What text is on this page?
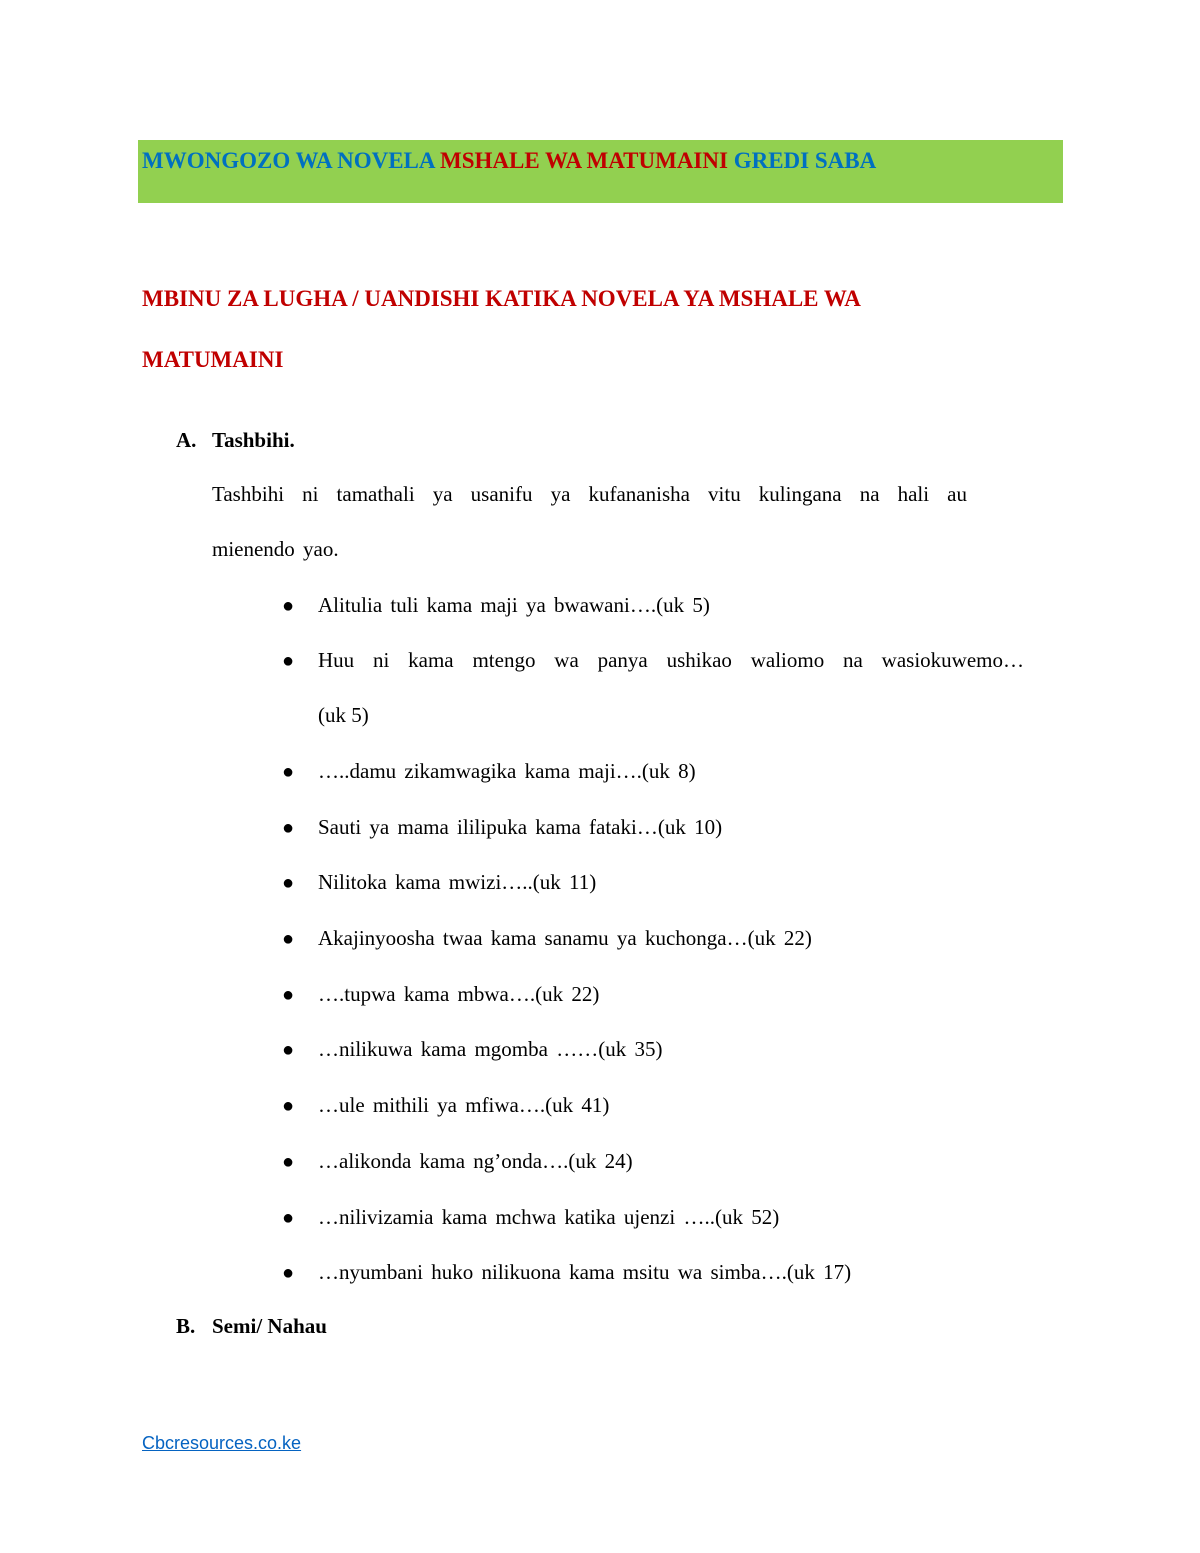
MWONGOZO WA NOVELA MSHALE WA MATUMAINI GREDI SABA
MBINU ZA LUGHA / UANDISHI KATIKA NOVELA YA MSHALE WA
MATUMAINI
A. Tashbihi.
Tashbihi ni tamathali ya usanifu ya kufananisha vitu kulingana na hali au
mienendo yao.
● Alitulia tuli kama maji ya bwawani….(uk 5)
● Huu ni kama mtengo wa panya ushikao waliomo na wasiokuwemo…
(uk 5)
● …..damu zikamwagika kama maji….(uk 8)
● Sauti ya mama ililipuka kama fataki…(uk 10)
● Nilitoka kama mwizi…..(uk 11)
● Akajinyoosha twaa kama sanamu ya kuchonga…(uk 22)
● ….tupwa kama mbwa….(uk 22)
● …nilikuwa kama mgomba ……(uk 35)
● …ule mithili ya mfiwa….(uk 41)
● …alikonda kama ng’onda….(uk 24)
● …nilivizamia kama mchwa katika ujenzi …..(uk 52)
● …nyumbani huko nilikuona kama msitu wa simba….(uk 17)
B. Semi/ Nahau
Cbcresources.co.ke
